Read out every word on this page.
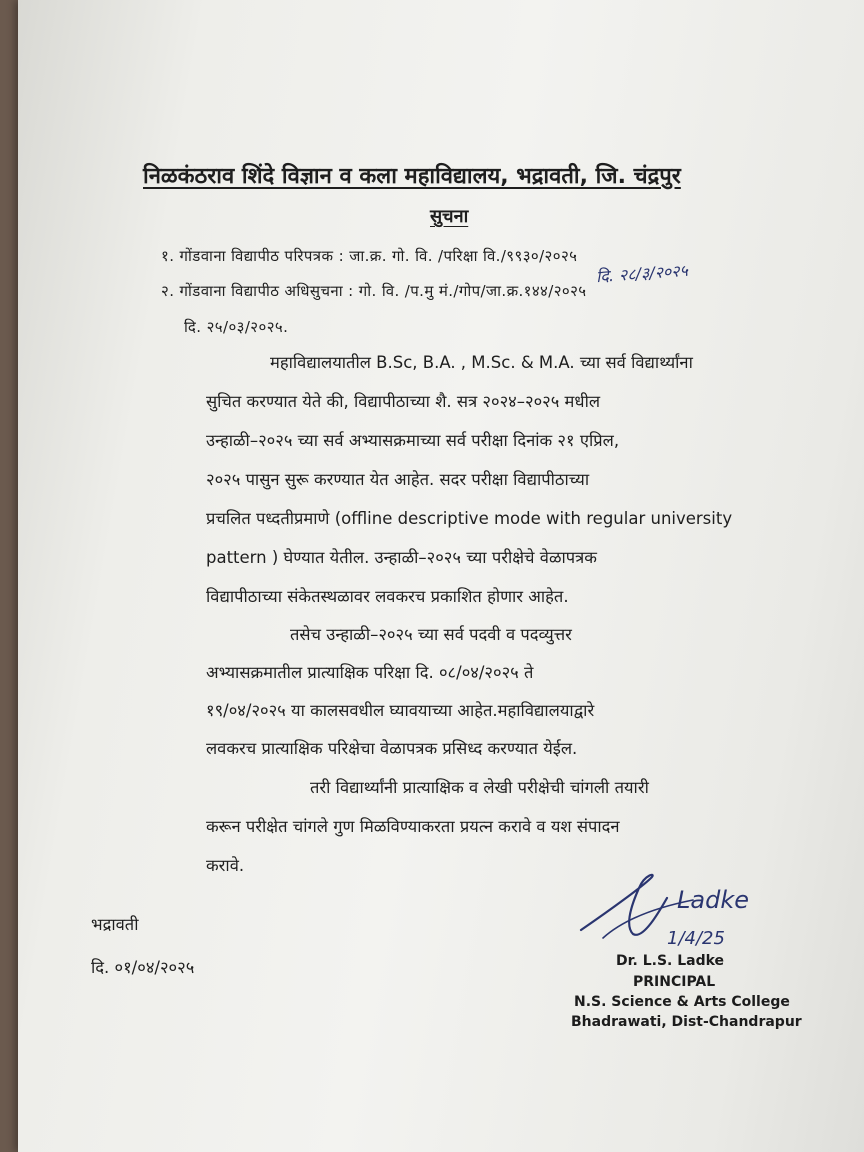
निळकंठराव शिंदे विज्ञान व कला महाविद्यालय, भद्रावती, जि. चंद्रपुर
सुचना
१. गोंडवाना विद्यापीठ परिपत्रक : जा.क्र. गो. वि. /परिक्षा वि./९९३०/२०२५
दि. २८/३/२०२५
२. गोंडवाना विद्यापीठ अधिसुचना : गो. वि. /प.मु मं./गोप/जा.क्र.१४४/२०२५
दि. २५/०३/२०२५.
महाविद्यालयातील B.Sc, B.A. , M.Sc. & M.A. च्या सर्व विद्यार्थ्यांना
सुचित करण्यात येते की, विद्यापीठाच्या शै. सत्र २०२४–२०२५ मधील
उन्हाळी–२०२५ च्या सर्व अभ्यासक्रमाच्या सर्व परीक्षा दिनांक २१ एप्रिल,
२०२५ पासुन सुरू करण्यात येत आहेत. सदर परीक्षा विद्यापीठाच्या
प्रचलित पध्दतीप्रमाणे (offline descriptive mode with regular university
pattern ) घेण्यात येतील. उन्हाळी–२०२५ च्या परीक्षेचे वेळापत्रक
विद्यापीठाच्या संकेतस्थळावर लवकरच प्रकाशित होणार आहेत.
तसेच उन्हाळी–२०२५ च्या सर्व पदवी व पदव्युत्तर
अभ्यासक्रमातील प्रात्याक्षिक परिक्षा दि. ०८/०४/२०२५ ते
१९/०४/२०२५ या कालसवधील घ्यावयाच्या आहेत.महाविद्यालयाद्वारे
लवकरच प्रात्याक्षिक परिक्षेचा वेळापत्रक प्रसिध्द करण्यात येईल.
तरी विद्यार्थ्यांनी प्रात्याक्षिक व लेखी परीक्षेची चांगली तयारी
करून परीक्षेत चांगले गुण मिळविण्याकरता प्रयत्न करावे व यश संपादन
करावे.
भद्रावती
दि. ०१/०४/२०२५
Ladke
1/4/25
Dr. L.S. Ladke
PRINCIPAL
N.S. Science & Arts College
Bhadrawati, Dist-Chandrapur
